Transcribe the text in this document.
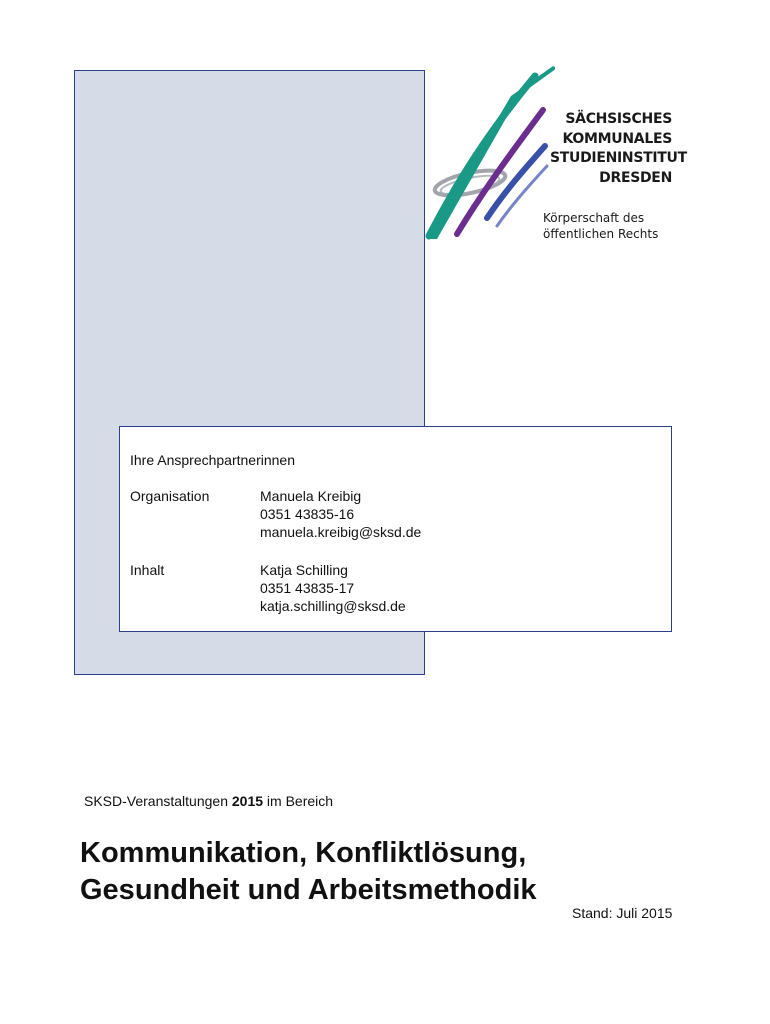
SÄCHSISCHES
KOMMUNALES
STUDIENINSTITUT
DRESDEN
Körperschaft des
öffentlichen Rechts
Ihre Ansprechpartnerinnen
Organisation	Manuela Kreibig
0351 43835-16
manuela.kreibig@sksd.de
Inhalt	Katja Schilling
0351 43835-17
katja.schilling@sksd.de
SKSD-Veranstaltungen 2015 im Bereich
Kommunikation, Konfliktlösung,
Gesundheit und Arbeitsmethodik
Stand: Juli 2015
